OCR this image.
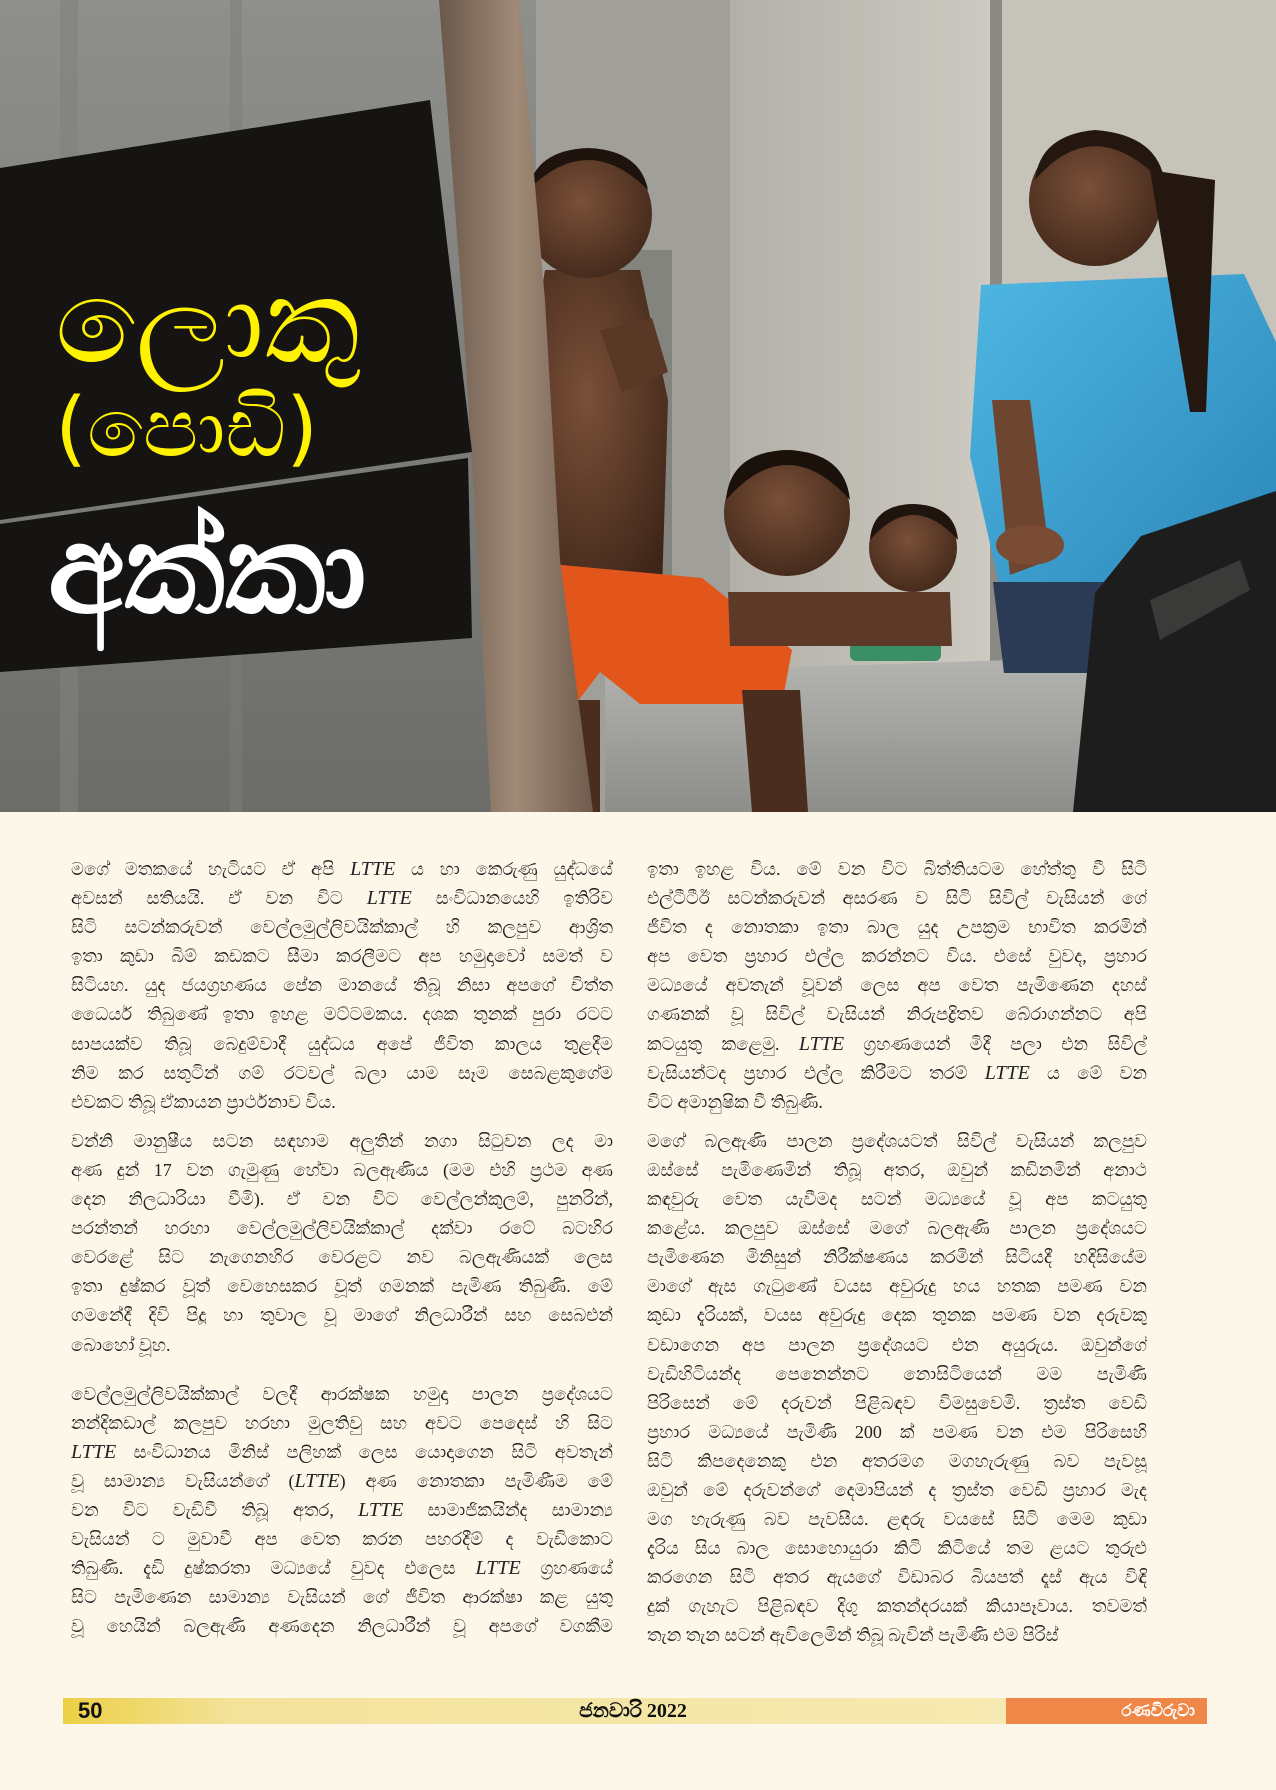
ලොකු
(පොඩි)
අක්කා
මගේ මතකයේ හැටියට ඒ අපි LTTE ය හා කෙරුණු යුද්ධයේ
අවසන් සතියයි. ඒ වන විට LTTE සංවිධානයෙහි ඉතිරිව
සිටි සටන්කරුවන් වෙල්ලමුල්ලිවයික්කාල් හි කලපුව ආශ්‍රිත
ඉතා කුඩා බිම් කඩකට සීමා කරලීමට අප හමුදාවෝ සමත් ව
සිටියහ. යුද ජයග්‍රහණය පේන මානයේ තිබූ නිසා අපගේ චිත්ත
ධෛර්ය තිබුණේ ඉතා ඉහළ මට්ටමකය. දශක තුනක් පුරා රටට
සාපයක්ව තිබූ බෙදුම්වාදී යුද්ධය අපේ ජීවිත කාලය තුළදීම
නිම කර සතුටින් ගම් රටවල් බලා යාම සෑම සෙබළකුගේම
එවකට තිබූ ඒකායන ප්‍රාර්ථනාව විය.
වන්නි මානුෂීය සටන සඳහාම අලුතින් නගා සිටුවන ලද මා
අණ දුන් 17 වන ගැමුණු හේවා බලඇණිය (මම එහි ප්‍රථම අණ
දෙන නිලධාරියා වීමි). ඒ වන විට වෙල්ලන්කුලම්, පුනරින්,
පරන්තන් හරහා වෙල්ලමුල්ලිවයික්කාල් දක්වා රටේ බටහිර
වෙරළේ සිට නැගෙනහිර වෙරළට නව බලඇණියක් ලෙස
ඉතා දුෂ්කර වූත් වෙහෙසකර වූත් ගමනක් පැමිණ තිබුණි. මේ
ගමනේදී දිවි පිදූ හා තුවාල වූ මාගේ නිලධාරීන් සහ සෙබළුන්
බොහෝ වූහ.
වෙල්ලමුල්ලිවයික්කාල් වලදී ආරක්ෂක හමුදා පාලන ප්‍රදේශයට
නන්දිකඩාල් කලපුව හරහා මුලතිවු සහ අවට පෙදෙස් හි සිට
LTTE සංවිධානය මිනිස් පලිහක් ලෙස යොදාගෙන සිටි අවතැන්
වූ සාමාන්‍ය වැසියන්ගේ (LTTE) අණ නොතකා පැමිණීම මේ
වන විට වැඩිවී තිබූ අතර, LTTE සාමාජිකයින්ද සාමාන්‍ය
වැසියන් ට මුවාවී අප වෙත කරන පහරදීම් ද වැඩිකොට
තිබුණි. දැඩි දුෂ්කරතා මධ්‍යයේ වුවද එලෙස LTTE ග්‍රහණයේ
සිට පැමිණෙන සාමාන්‍ය වැසියන් ගේ ජීවිත ආරක්ෂා කළ යුතු
වූ හෙයින් බලඇණි අණදෙන නිලධාරීන් වූ අපගේ වගකීම
ඉතා ඉහළ විය. මේ වන විට බිත්තියටම හේත්තු වී සිටි
එල්ටීටීඊ සටන්කරුවන් අසරණ ව සිටි සිවිල් වැසියන් ගේ
ජීවිත ද නොතකා ඉතා බාල යුද උපක්‍රම භාවිත කරමින්
අප වෙත ප්‍රහාර එල්ල කරන්නට විය. එසේ වුවද, ප්‍රහාර
මධ්‍යයේ අවතැන් වූවන් ලෙස අප වෙත පැමිණෙන දහස්
ගණනක් වූ සිවිල් වැසියන් නිරුපද්‍රිතව බේරාගන්නට අපි
කටයුතු කළෙමු. LTTE ග්‍රහණයෙන් මිදී පලා එන සිවිල්
වැසියන්ටද ප්‍රහාර එල්ල කිරීමට තරම් LTTE ය මේ වන
විට අමානුෂික වී තිබුණි.
මගේ බලඇණි පාලන ප්‍රදේශයටත් සිවිල් වැසියන් කලපුව
ඔස්සේ පැමිණෙමින් තිබූ අතර, ඔවුන් කඩිනමින් අනාථ
කඳවුරු වෙත යැවීමද සටන් මධ්‍යයේ වූ අප කටයුතු
කළේය. කලපුව ඔස්සේ මගේ බලඇණි පාලන ප්‍රදේශයට
පැමිණෙන මිනිසුන් නිරීක්ෂණය කරමින් සිටියදී හදිසියේම
මාගේ ඇස ගැටුණේ වයස අවුරුදු හය හතක පමණ වන
කුඩා දැරියක්, වයස අවුරුදු දෙක තුනක පමණ වන දරුවකු
වඩාගෙන අප පාලන ප්‍රදේශයට එන අයුරුය. ඔවුන්ගේ
වැඩිහිටියන්ද පෙනෙන්නට නොසිටියෙන් මම පැමිණි
පිරිසෙන් මේ දරුවන් පිළිබඳව විමසුවෙමි. ත්‍රස්ත වෙඩි
ප්‍රහාර මධ්‍යයේ පැමිණි 200 ක් පමණ වන එම පිරිසෙහි
සිටි කිපදෙනෙකු එන අතරමග මගහැරුණු බව පැවසූ
ඔවුන් මේ දරුවන්ගේ දෙමාපියන් ද ත්‍රස්ත වෙඩි ප්‍රහාර මැද
මග හැරුණු බව පැවසීය. ළඳරු වයසේ සිටි මෙම කුඩා
දැරිය සිය බාල සොහොයුරා කිටි කිටියේ තම ළයට තුරුළු
කරගෙන සිටි අතර ඇයගේ විඩාබර බියපත් දෑස් ඇය විඳි
දුක් ගැහැට පිළිබඳව දිගු කතන්දරයක් කියාපෑවාය. තවමත්
තැන තැන සටන් ඇවිලෙමින් තිබූ බැවින් පැමිණි එම පිරිස්
50	ජනවාරි 2022	රණවිරුවා
